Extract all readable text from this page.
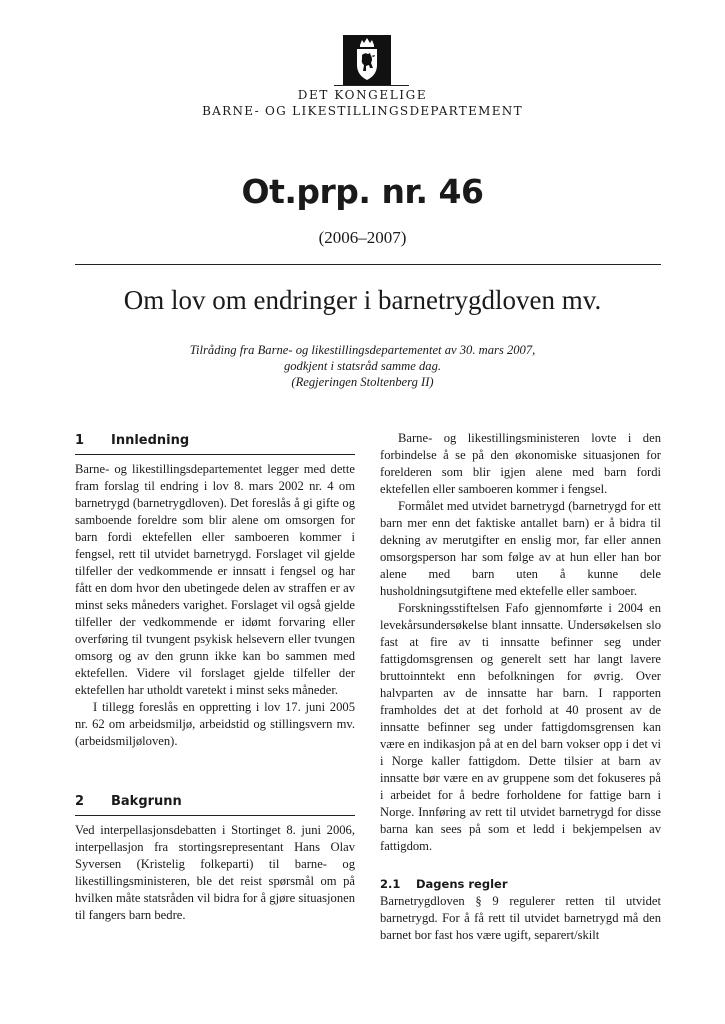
DET KONGELIGE
BARNE- OG LIKESTILLINGSDEPARTEMENT
Ot.prp. nr. 46
(2006–2007)
Om lov om endringer i barnetrygdloven mv.
Tilråding fra Barne- og likestillingsdepartementet av 30. mars 2007,
godkjent i statsråd samme dag.
(Regjeringen Stoltenberg II)
1	Innledning

Barne- og likestillingsdepartementet legger med dette fram forslag til endring i lov 8. mars 2002 nr. 4 om barnetrygd (barnetrygdloven). Det foreslås å gi gifte og samboende foreldre som blir alene om omsorgen for barn fordi ektefellen eller samboeren kommer i fengsel, rett til utvidet barnetrygd. Forslaget vil gjelde tilfeller der vedkommende er innsatt i fengsel og har fått en dom hvor den ubetingede delen av straffen er av minst seks måneders varighet. Forslaget vil også gjelde tilfeller der vedkommende er idømt forvaring eller overføring til tvungent psykisk helsevern eller tvungen omsorg og av den grunn ikke kan bo sammen med ektefellen. Videre vil forslaget gjelde tilfeller der ektefellen har utholdt varetekt i minst seks måneder.

I tillegg foreslås en oppretting i lov 17. juni 2005 nr. 62 om arbeidsmiljø, arbeidstid og stillingsvern mv. (arbeidsmiljøloven).

2	Bakgrunn

Ved interpellasjonsdebatten i Stortinget 8. juni 2006, interpellasjon fra stortingsrepresentant Hans Olav Syversen (Kristelig folkeparti) til barne- og likestillingsministeren, ble det reist spørsmål om på hvilken måte statsråden vil bidra for å gjøre situasjonen til fangers barn bedre.

Barne- og likestillingsministeren lovte i den forbindelse å se på den økonomiske situasjonen for forelderen som blir igjen alene med barn fordi ektefellen eller samboeren kommer i fengsel.

Formålet med utvidet barnetrygd (barnetrygd for ett barn mer enn det faktiske antallet barn) er å bidra til dekning av merutgifter en enslig mor, far eller annen omsorgsperson har som følge av at hun eller han bor alene med barn uten å kunne dele husholdningsutgiftene med ektefelle eller samboer.

Forskningsstiftelsen Fafo gjennomførte i 2004 en levekårsundersøkelse blant innsatte. Undersøkelsen slo fast at fire av ti innsatte befinner seg under fattigdomsgrensen og generelt sett har langt lavere bruttoinntekt enn befolkningen for øvrig. Over halvparten av de innsatte har barn. I rapporten framholdes det at det forhold at 40 prosent av de innsatte befinner seg under fattigdomsgrensen kan være en indikasjon på at en del barn vokser opp i det vi i Norge kaller fattigdom. Dette tilsier at barn av innsatte bør være en av gruppene som det fokuseres på i arbeidet for å bedre forholdene for fattige barn i Norge. Innføring av rett til utvidet barnetrygd for disse barna kan sees på som et ledd i bekjempelsen av fattigdom.

2.1	Dagens regler

Barnetrygdloven § 9 regulerer retten til utvidet barnetrygd. For å få rett til utvidet barnetrygd må den barnet bor fast hos være ugift, separert/skilt
